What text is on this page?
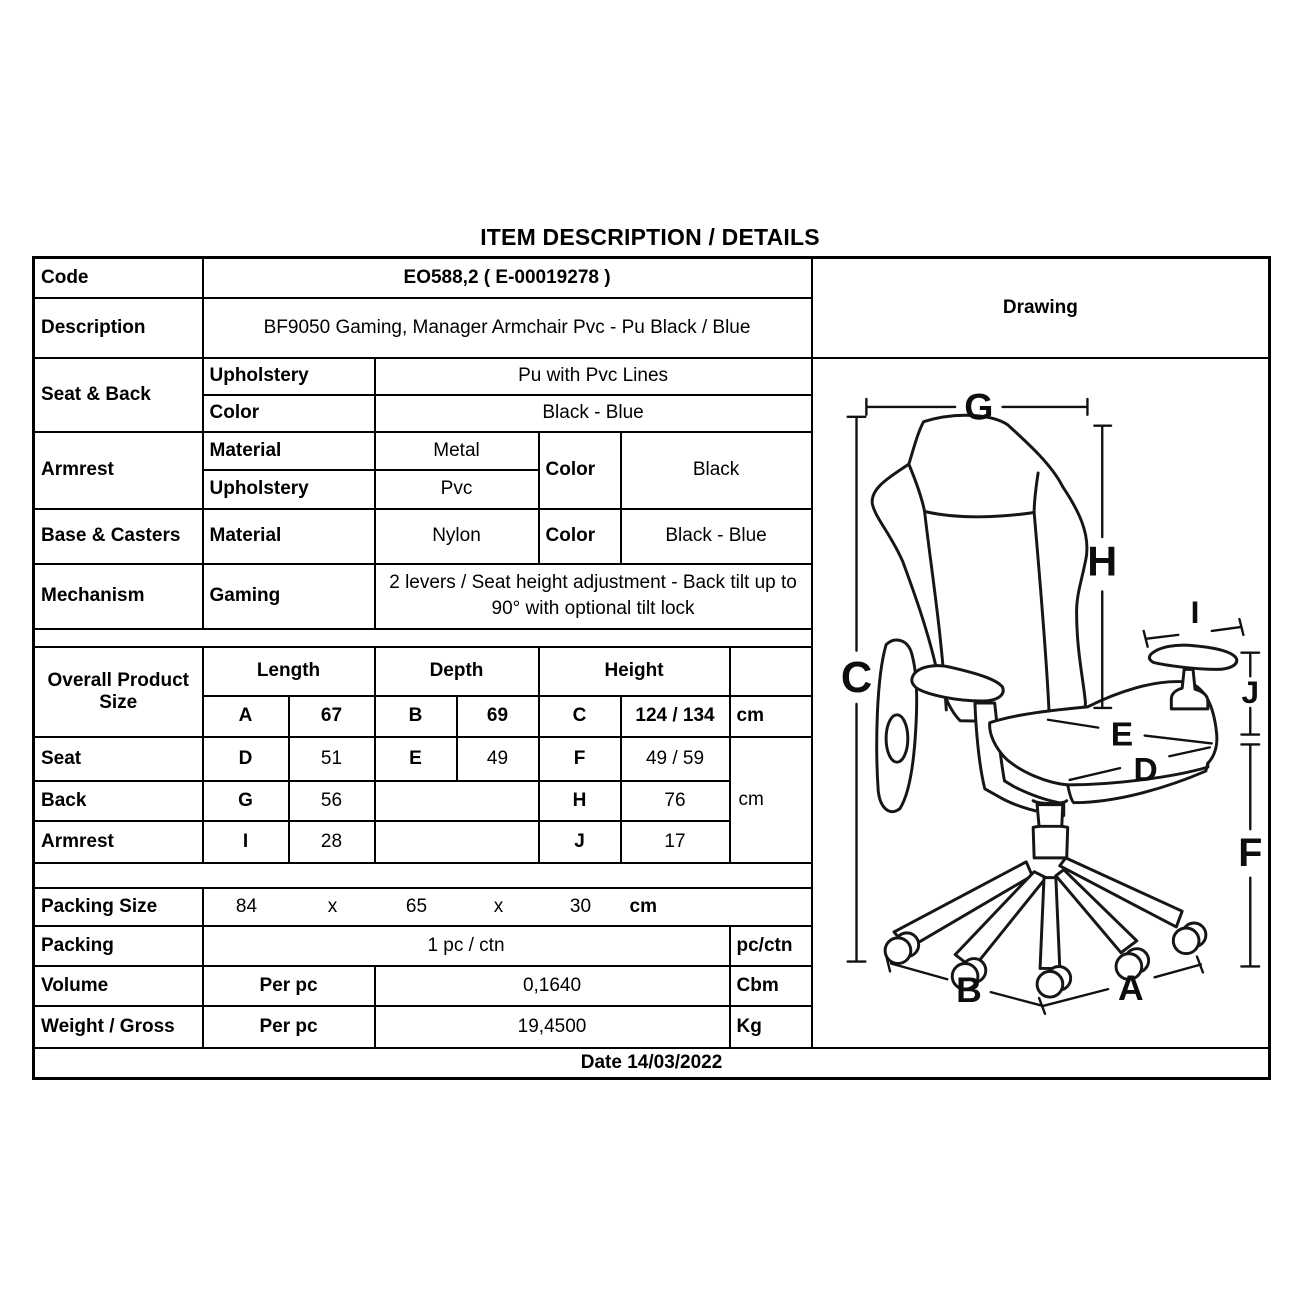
ITEM DESCRIPTION / DETAILS
Code	EO588,2 ( E-00019278 )							Drawing
Description	BF9050 Gaming, Manager Armchair Pvc - Pu Black / Blue							
Seat & Back	Upholstery	Pu with Pvc Lines	
G
H
C
I
J
E
D
F
B	A

	Color		Black - Blue					
Armrest	Material		Metal		Color	Black		
	Upholstery		Pvc					
Base & Casters	Material		Nylon		Color	Black - Blue		
Mechanism	Gaming		2 levers / Seat height adjustment - Back tilt up to 90° with optional tilt lock					

Overall Product Size	Length		Depth		Height			
	A	67	B	69	C	124 / 134	cm	
Seat	D	51	E	49	F	49 / 59	cm	
Back	G	56			H	76		
Armrest	I	28			J	17		

Packing Size	84	x	65	x	30	cm

Packing	1 pc / ctn						pc/ctn	
Volume	Per pc		0,1640				Cbm	
Weight / Gross	Per pc		19,4500				Kg	
Date 14/03/2022								
